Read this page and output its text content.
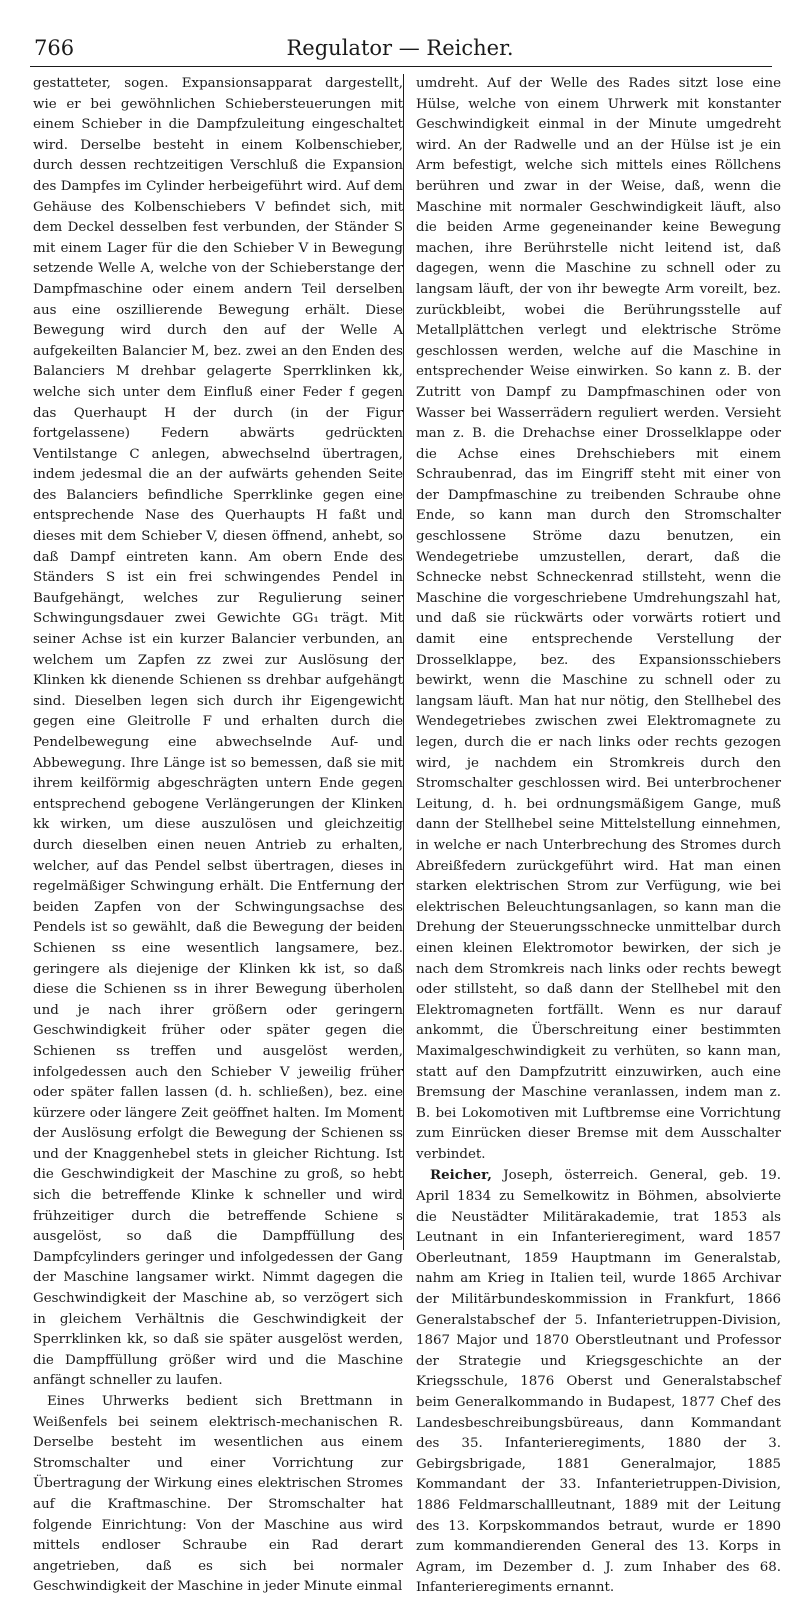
766	Regulator — Reicher.

gestatteter, sogen. Expansionsapparat dargestellt, wie er bei gewöhnlichen Schiebersteuerungen mit einem Schieber in die Dampfzuleitung eingeschaltet wird. Derselbe besteht in einem Kolbenschieber, durch dessen rechtzeitigen Verschluß die Expansion des Dampfes im Cylinder herbeigeführt wird. Auf dem Gehäuse des Kolbenschiebers V befindet sich, mit dem Deckel desselben fest verbunden, der Ständer S mit einem Lager für die den Schieber V in Bewegung setzende Welle A, welche von der Schieberstange der Dampfmaschine oder einem andern Teil derselben aus eine oszillierende Bewegung erhält. Diese Bewegung wird durch den auf der Welle A aufgekeilten Balancier M, bez. zwei an den Enden des Balanciers M drehbar gelagerte Sperrklinken kk, welche sich unter dem Einfluß einer Feder f gegen das Querhaupt H der durch (in der Figur fortgelassene) Federn abwärts gedrückten Ventilstange C anlegen, abwechselnd übertragen, indem jedesmal die an der aufwärts gehenden Seite des Balanciers befindliche Sperrklinke gegen eine entsprechende Nase des Querhaupts H faßt und dieses mit dem Schieber V, diesen öffnend, anhebt, so daß Dampf eintreten kann. Am obern Ende des Ständers S ist ein frei schwingendes Pendel in Baufgehängt, welches zur Regulierung seiner Schwingungsdauer zwei Gewichte GG₁ trägt. Mit seiner Achse ist ein kurzer Balancier verbunden, an welchem um Zapfen zz zwei zur Auslösung der Klinken kk dienende Schienen ss drehbar aufgehängt sind. Dieselben legen sich durch ihr Eigengewicht gegen eine Gleitrolle F und erhalten durch die Pendelbewegung eine abwechselnde Auf- und Abbewegung. Ihre Länge ist so bemessen, daß sie mit ihrem keilförmig abgeschrägten untern Ende gegen entsprechend gebogene Verlängerungen der Klinken kk wirken, um diese auszulösen und gleichzeitig durch dieselben einen neuen Antrieb zu erhalten, welcher, auf das Pendel selbst übertragen, dieses in regelmäßiger Schwingung erhält. Die Entfernung der beiden Zapfen von der Schwingungsachse des Pendels ist so gewählt, daß die Bewegung der beiden Schienen ss eine wesentlich langsamere, bez. geringere als diejenige der Klinken kk ist, so daß diese die Schienen ss in ihrer Bewegung überholen und je nach ihrer größern oder geringern Geschwindigkeit früher oder später gegen die Schienen ss treffen und ausgelöst werden, infolgedessen auch den Schieber V jeweilig früher oder später fallen lassen (d. h. schließen), bez. eine kürzere oder längere Zeit geöffnet halten. Im Moment der Auslösung erfolgt die Bewegung der Schienen ss und der Knaggenhebel stets in gleicher Richtung. Ist die Geschwindigkeit der Maschine zu groß, so hebt sich die betreffende Klinke k schneller und wird frühzeitiger durch die betreffende Schiene s ausgelöst, so daß die Dampffüllung des Dampfcylinders geringer und infolgedessen der Gang der Maschine langsamer wirkt. Nimmt dagegen die Geschwindigkeit der Maschine ab, so verzögert sich in gleichem Verhältnis die Geschwindigkeit der Sperrklinken kk, so daß sie später ausgelöst werden, die Dampffüllung größer wird und die Maschine anfängt schneller zu laufen.

Eines Uhrwerks bedient sich Brettmann in Weißenfels bei seinem elektrisch-mechanischen R. Derselbe besteht im wesentlichen aus einem Stromschalter und einer Vorrichtung zur Übertragung der Wirkung eines elektrischen Stromes auf die Kraftmaschine. Der Stromschalter hat folgende Einrichtung: Von der Maschine aus wird mittels endloser Schraube ein Rad derart angetrieben, daß es sich bei normaler Geschwindigkeit der Maschine in jeder Minute einmal

umdreht. Auf der Welle des Rades sitzt lose eine Hülse, welche von einem Uhrwerk mit konstanter Geschwindigkeit einmal in der Minute umgedreht wird. An der Radwelle und an der Hülse ist je ein Arm befestigt, welche sich mittels eines Röllchens berühren und zwar in der Weise, daß, wenn die Maschine mit normaler Geschwindigkeit läuft, also die beiden Arme gegeneinander keine Bewegung machen, ihre Berührstelle nicht leitend ist, daß dagegen, wenn die Maschine zu schnell oder zu langsam läuft, der von ihr bewegte Arm voreilt, bez. zurückbleibt, wobei die Berührungsstelle auf Metallplättchen verlegt und elektrische Ströme geschlossen werden, welche auf die Maschine in entsprechender Weise einwirken. So kann z. B. der Zutritt von Dampf zu Dampfmaschinen oder von Wasser bei Wasserrädern reguliert werden. Versieht man z. B. die Drehachse einer Drosselklappe oder die Achse eines Drehschiebers mit einem Schraubenrad, das im Eingriff steht mit einer von der Dampfmaschine zu treibenden Schraube ohne Ende, so kann man durch den Stromschalter geschlossene Ströme dazu benutzen, ein Wendegetriebe umzustellen, derart, daß die Schnecke nebst Schneckenrad stillsteht, wenn die Maschine die vorgeschriebene Umdrehungszahl hat, und daß sie rückwärts oder vorwärts rotiert und damit eine entsprechende Verstellung der Drosselklappe, bez. des Expansionsschiebers bewirkt, wenn die Maschine zu schnell oder zu langsam läuft. Man hat nur nötig, den Stellhebel des Wendegetriebes zwischen zwei Elektromagnete zu legen, durch die er nach links oder rechts gezogen wird, je nachdem ein Stromkreis durch den Stromschalter geschlossen wird. Bei unterbrochener Leitung, d. h. bei ordnungsmäßigem Gange, muß dann der Stellhebel seine Mittelstellung einnehmen, in welche er nach Unterbrechung des Stromes durch Abreißfedern zurückgeführt wird. Hat man einen starken elektrischen Strom zur Verfügung, wie bei elektrischen Beleuchtungsanlagen, so kann man die Drehung der Steuerungsschnecke unmittelbar durch einen kleinen Elektromotor bewirken, der sich je nach dem Stromkreis nach links oder rechts bewegt oder stillsteht, so daß dann der Stellhebel mit den Elektromagneten fortfällt. Wenn es nur darauf ankommt, die Überschreitung einer bestimmten Maximalgeschwindigkeit zu verhüten, so kann man, statt auf den Dampfzutritt einzuwirken, auch eine Bremsung der Maschine veranlassen, indem man z. B. bei Lokomotiven mit Luftbremse eine Vorrichtung zum Einrücken dieser Bremse mit dem Ausschalter verbindet.

Reicher, Joseph, österreich. General, geb. 19. April 1834 zu Semelkowitz in Böhmen, absolvierte die Neustädter Militärakademie, trat 1853 als Leutnant in ein Infanterieregiment, ward 1857 Oberleutnant, 1859 Hauptmann im Generalstab, nahm am Krieg in Italien teil, wurde 1865 Archivar der Militärbundeskommission in Frankfurt, 1866 Generalstabschef der 5. Infanterietruppen-Division, 1867 Major und 1870 Oberstleutnant und Professor der Strategie und Kriegsgeschichte an der Kriegsschule, 1876 Oberst und Generalstabschef beim Generalkommando in Budapest, 1877 Chef des Landesbeschreibungsbüreaus, dann Kommandant des 35. Infanterieregiments, 1880 der 3. Gebirgsbrigade, 1881 Generalmajor, 1885 Kommandant der 33. Infanterietruppen-Division, 1886 Feldmarschallleutnant, 1889 mit der Leitung des 13. Korpskommandos betraut, wurde er 1890 zum kommandierenden General des 13. Korps in Agram, im Dezember d. J. zum Inhaber des 68. Infanterieregiments ernannt.
